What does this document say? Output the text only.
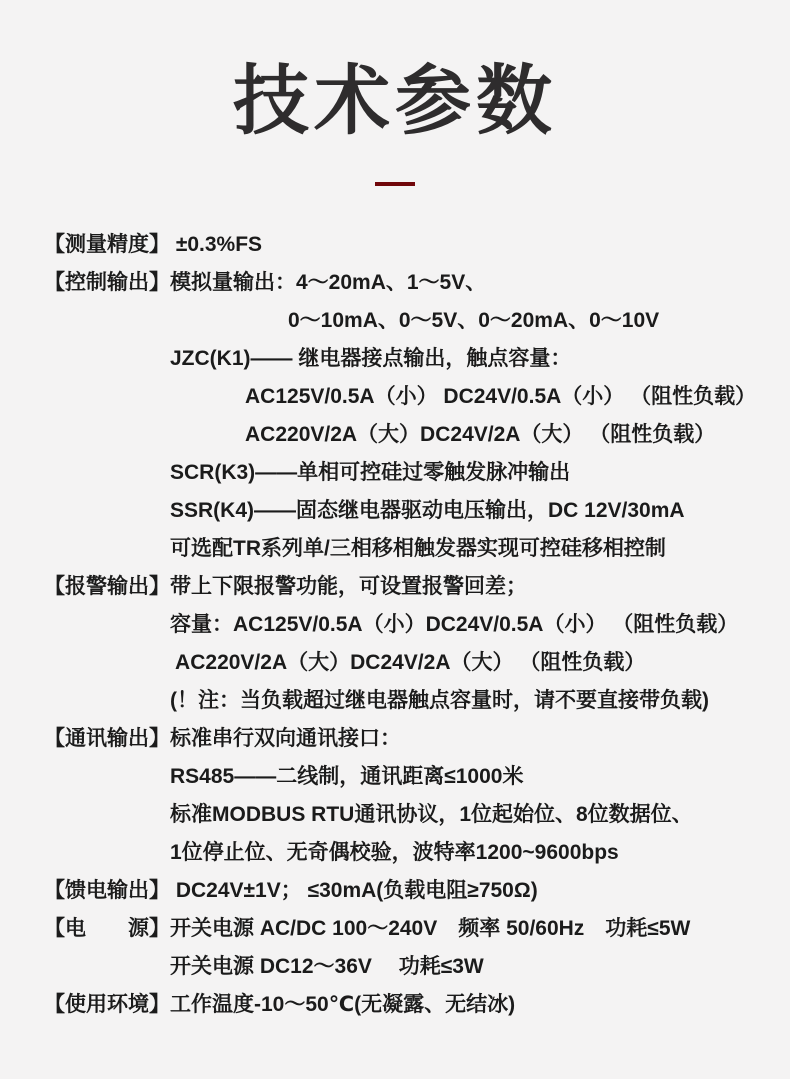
技术参数
【测量精度】 ±0.3%FS
【控制输出】 模拟量输出：4～20mA、1～5V、
0～10mA、0～5V、0～20mA、0～10V
JZC(K1)—— 继电器接点输出，触点容量：
AC125V/0.5A（小） DC24V/0.5A（小） （阻性负载）
AC220V/2A（大）DC24V/2A（大） （阻性负载）
SCR(K3)——单相可控硅过零触发脉冲输出
SSR(K4)——固态继电器驱动电压输出，DC 12V/30mA
可选配TR系列单/三相移相触发器实现可控硅移相控制
【报警输出】 带上下限报警功能，可设置报警回差；
容量：AC125V/0.5A（小）DC24V/0.5A（小） （阻性负载）
AC220V/2A（大）DC24V/2A（大） （阻性负载）
(！注：当负载超过继电器触点容量时，请不要直接带负载)
【通讯输出】 标准串行双向通讯接口：
RS485——二线制，通讯距离≤1000米
标准MODBUS RTU通讯协议，1位起始位、8位数据位、
1位停止位、无奇偶校验，波特率1200~9600bps
【馈电输出】 DC24V±1V； ≤30mA(负载电阻≥750Ω)
【电　　源】 开关电源 AC/DC 100～240V　频率 50/60Hz　功耗≤5W
开关电源 DC12～36V　 功耗≤3W
【使用环境】 工作温度-10～50℃(无凝露、无结冰)
